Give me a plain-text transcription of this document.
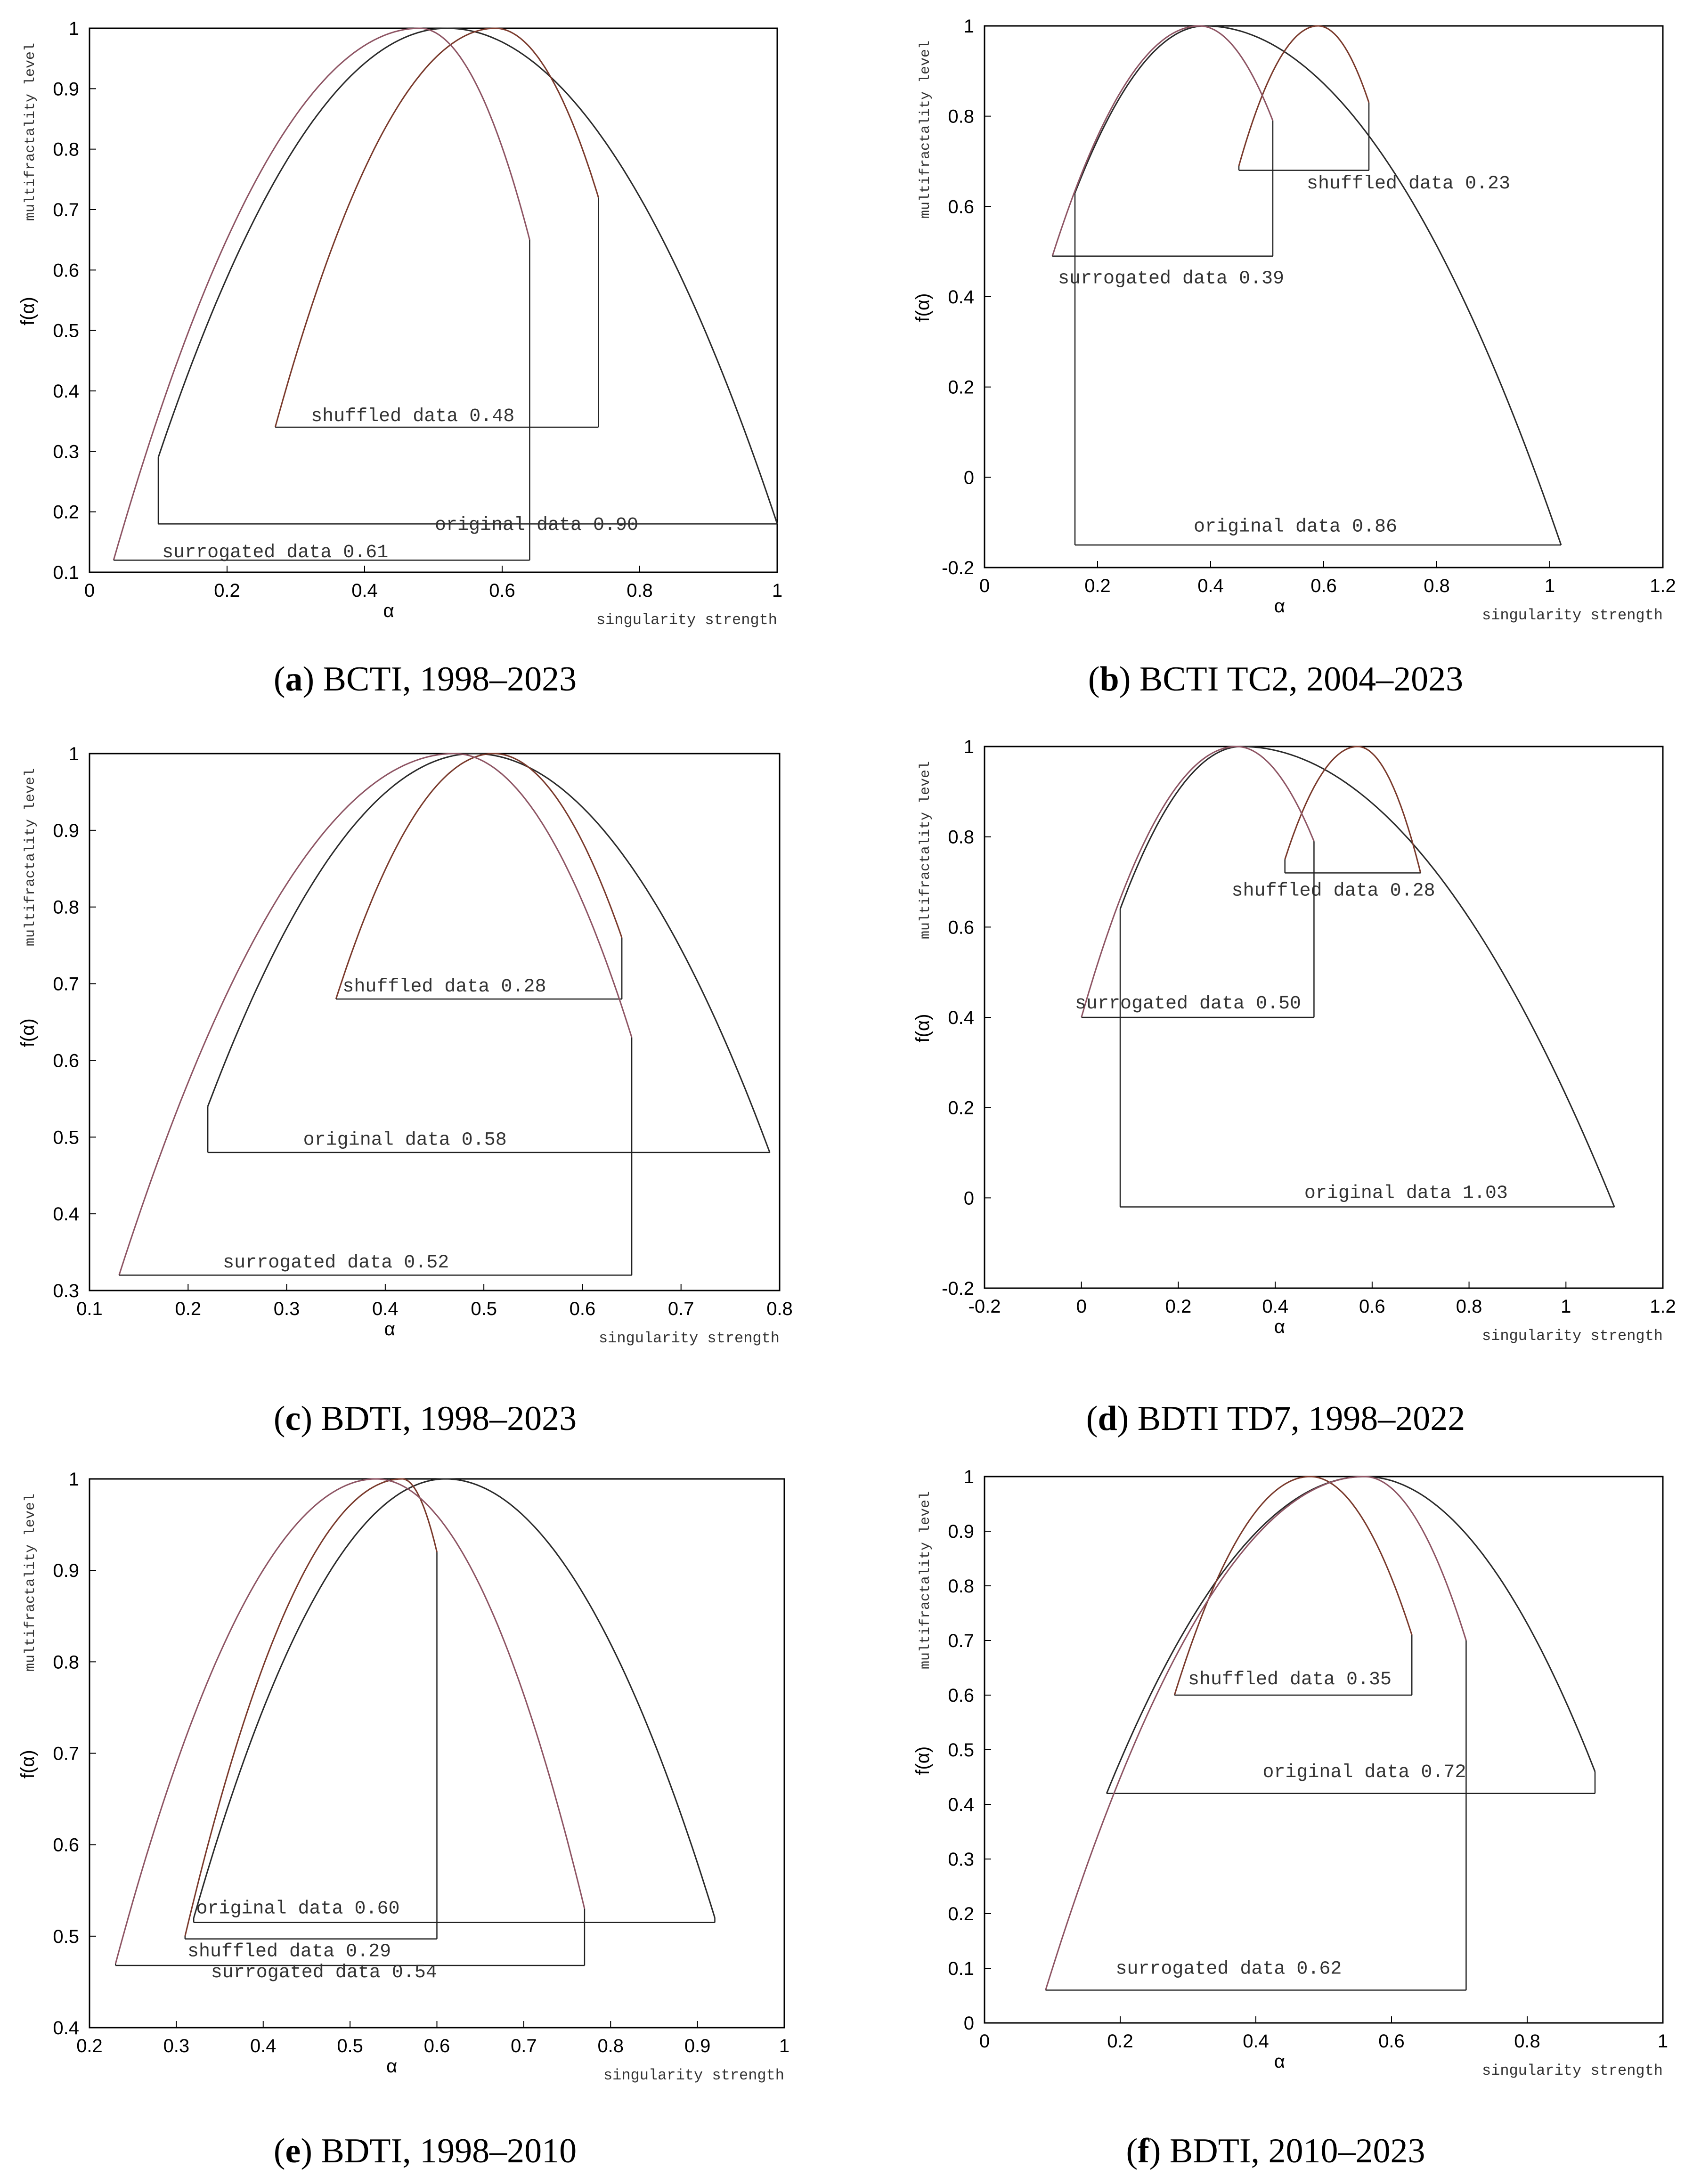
0	0.2	0.4	0.6	0.8	1
0.1
0.2
0.3
0.4
0.5
0.6
0.7
0.8
0.9
1
f(α)
multifractality level
α	singularity strength
original data 0.90
shuffled data 0.48
surrogated data 0.61
(a) BCTI, 1998–2023
0	0.2	0.4	0.6	0.8	1	1.2
-0.2
0
0.2
0.4
0.6
0.8
1
f(α)
multifractality level
α	singularity strength
original data 0.86
shuffled data 0.23
surrogated data 0.39
(b) BCTI TC2, 2004–2023
0.1	0.2	0.3	0.4	0.5	0.6	0.7	0.8
0.3
0.4
0.5
0.6
0.7
0.8
0.9
1
f(α)
multifractality level
α	singularity strength
original data 0.58
shuffled data 0.28
surrogated data 0.52
(c) BDTI, 1998–2023
-0.2	0	0.2	0.4	0.6	0.8	1	1.2
-0.2
0
0.2
0.4
0.6
0.8
1
f(α)
multifractality level
α	singularity strength
original data 1.03
shuffled data 0.28
surrogated data 0.50
(d) BDTI TD7, 1998–2022
0.2	0.3	0.4	0.5	0.6	0.7	0.8	0.9	1
0.4
0.5
0.6
0.7
0.8
0.9
1
f(α)
multifractality level
α	singularity strength
original data 0.60
shuffled data 0.29
surrogated data 0.54
(e) BDTI, 1998–2010
0	0.2	0.4	0.6	0.8	1
0
0.1
0.2
0.3
0.4
0.5
0.6
0.7
0.8
0.9
1
f(α)
multifractality level
α	singularity strength
original data 0.72
shuffled data 0.35
surrogated data 0.62
(f) BDTI, 2010–2023
